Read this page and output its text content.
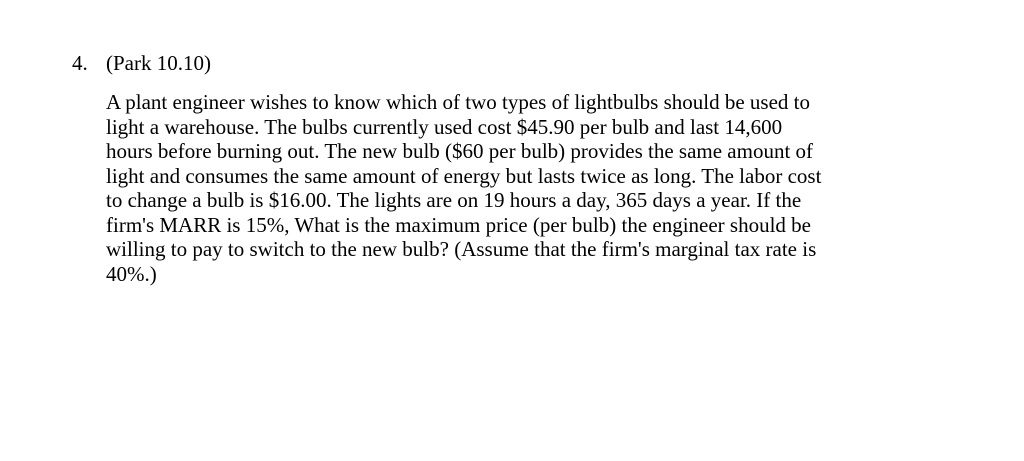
4. (Park 10.10)
A plant engineer wishes to know which of two types of lightbulbs should be used to
light a warehouse. The bulbs currently used cost $45.90 per bulb and last 14,600
hours before burning out. The new bulb ($60 per bulb) provides the same amount of
light and consumes the same amount of energy but lasts twice as long. The labor cost
to change a bulb is $16.00. The lights are on 19 hours a day, 365 days a year. If the
firm's MARR is 15%, What is the maximum price (per bulb) the engineer should be
willing to pay to switch to the new bulb? (Assume that the firm's marginal tax rate is
40%.)
